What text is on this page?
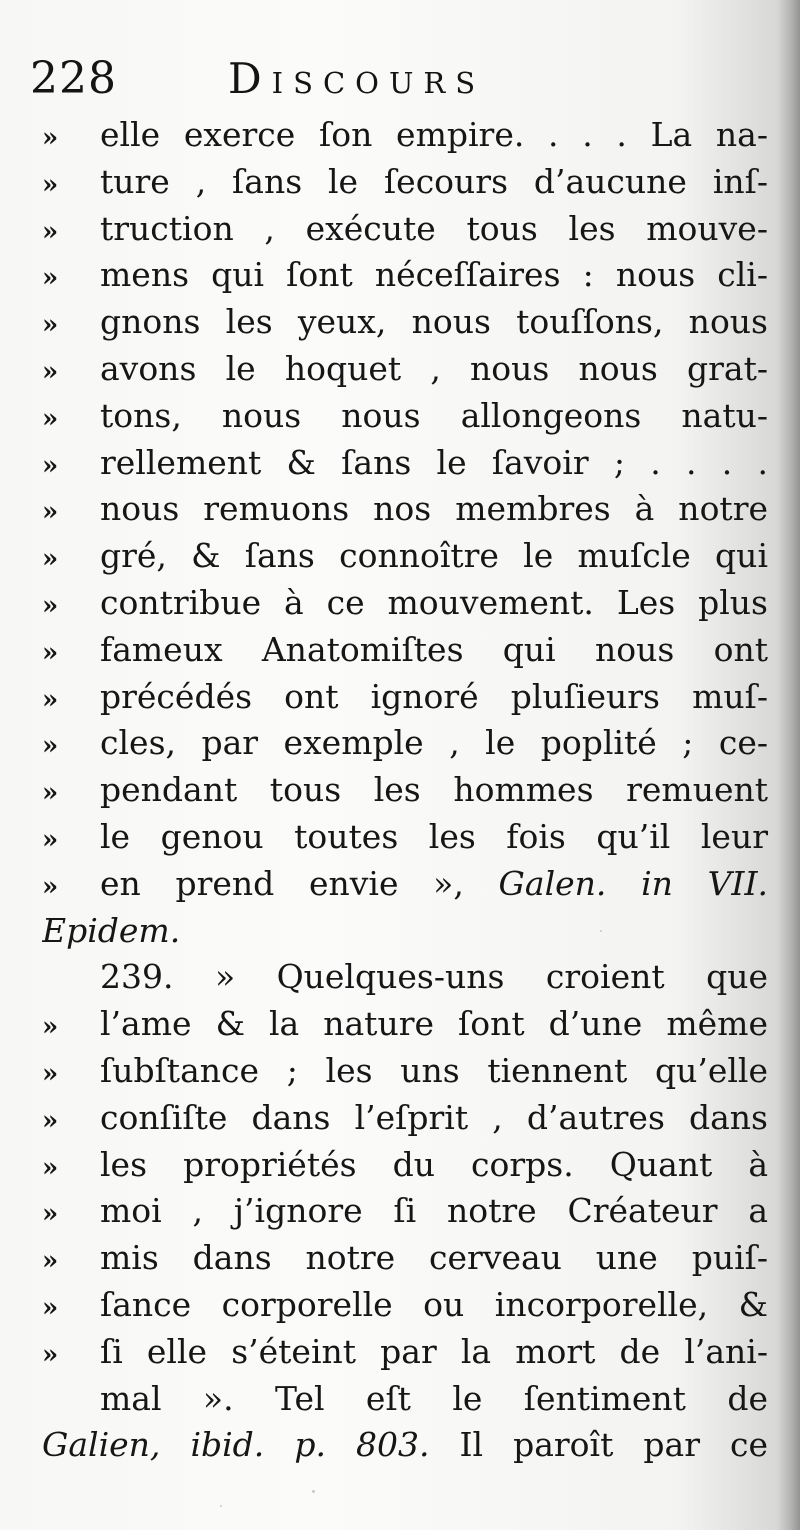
228	Discours
» elle exerce ſon empire. . . . La na-
» ture , ſans le ſecours d’aucune inſ-
» truction , exécute tous les mouve-
» mens qui ſont néceſſaires : nous cli-
» gnons les yeux, nous touſſons, nous
» avons le hoquet , nous nous grat-
» tons, nous nous allongeons natu-
» rellement & ſans le ſavoir ; . . . .
» nous remuons nos membres à notre
» gré, & ſans connoître le muſcle qui
» contribue à ce mouvement. Les plus
» fameux Anatomiſtes qui nous ont
» précédés ont ignoré pluſieurs muſ-
» cles, par exemple , le poplité ; ce-
» pendant tous les hommes remuent
» le genou toutes les fois qu’il leur
» en prend envie », Galen. in VII.
Epidem.
239. » Quelques-uns croient que
» l’ame & la nature ſont d’une même
» ſubſtance ; les uns tiennent qu’elle
» conſiſte dans l’eſprit , d’autres dans
» les propriétés du corps. Quant à
» moi , j’ignore ſi notre Créateur a
» mis dans notre cerveau une puiſ-
» ſance corporelle ou incorporelle, &
» ſi elle s’éteint par la mort de l’ani-
mal ». Tel eſt le ſentiment de
Galien, ibid. p. 803. Il paroît par ce
